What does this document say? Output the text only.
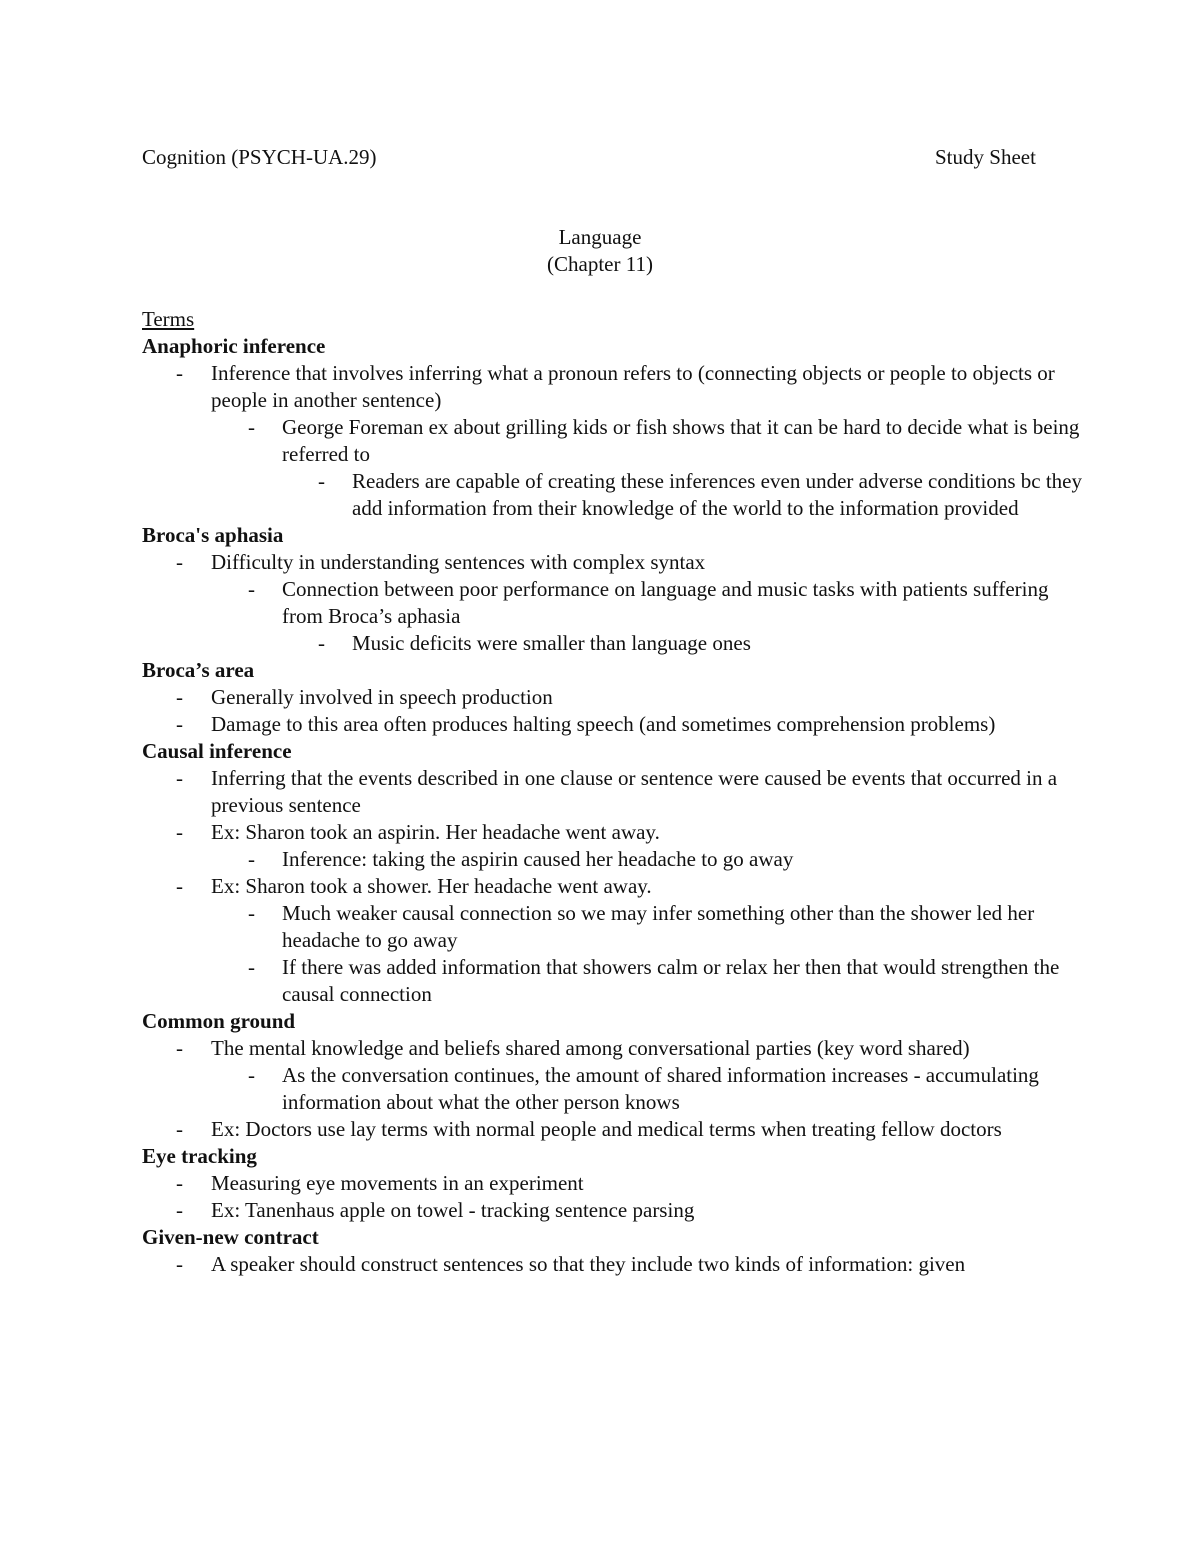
Cognition (PSYCH-UA.29)	Study Sheet
Language
(Chapter 11)
Terms
Anaphoric inference
- Inference that involves inferring what a pronoun refers to (connecting objects or people to objects or people in another sentence)
- George Foreman ex about grilling kids or fish shows that it can be hard to decide what is being referred to
- Readers are capable of creating these inferences even under adverse conditions bc they add information from their knowledge of the world to the information provided
Broca's aphasia
- Difficulty in understanding sentences with complex syntax
- Connection between poor performance on language and music tasks with patients suffering from Broca’s aphasia
- Music deficits were smaller than language ones
Broca’s area
- Generally involved in speech production
- Damage to this area often produces halting speech (and sometimes comprehension problems)
Causal inference
- Inferring that the events described in one clause or sentence were caused be events that occurred in a previous sentence
- Ex: Sharon took an aspirin. Her headache went away.
- Inference: taking the aspirin caused her headache to go away
- Ex: Sharon took a shower. Her headache went away.
- Much weaker causal connection so we may infer something other than the shower led her headache to go away
- If there was added information that showers calm or relax her then that would strengthen the causal connection
Common ground
- The mental knowledge and beliefs shared among conversational parties (key word shared)
- As the conversation continues, the amount of shared information increases - accumulating information about what the other person knows
- Ex: Doctors use lay terms with normal people and medical terms when treating fellow doctors
Eye tracking
- Measuring eye movements in an experiment
- Ex: Tanenhaus apple on towel - tracking sentence parsing
Given-new contract
- A speaker should construct sentences so that they include two kinds of information: given
